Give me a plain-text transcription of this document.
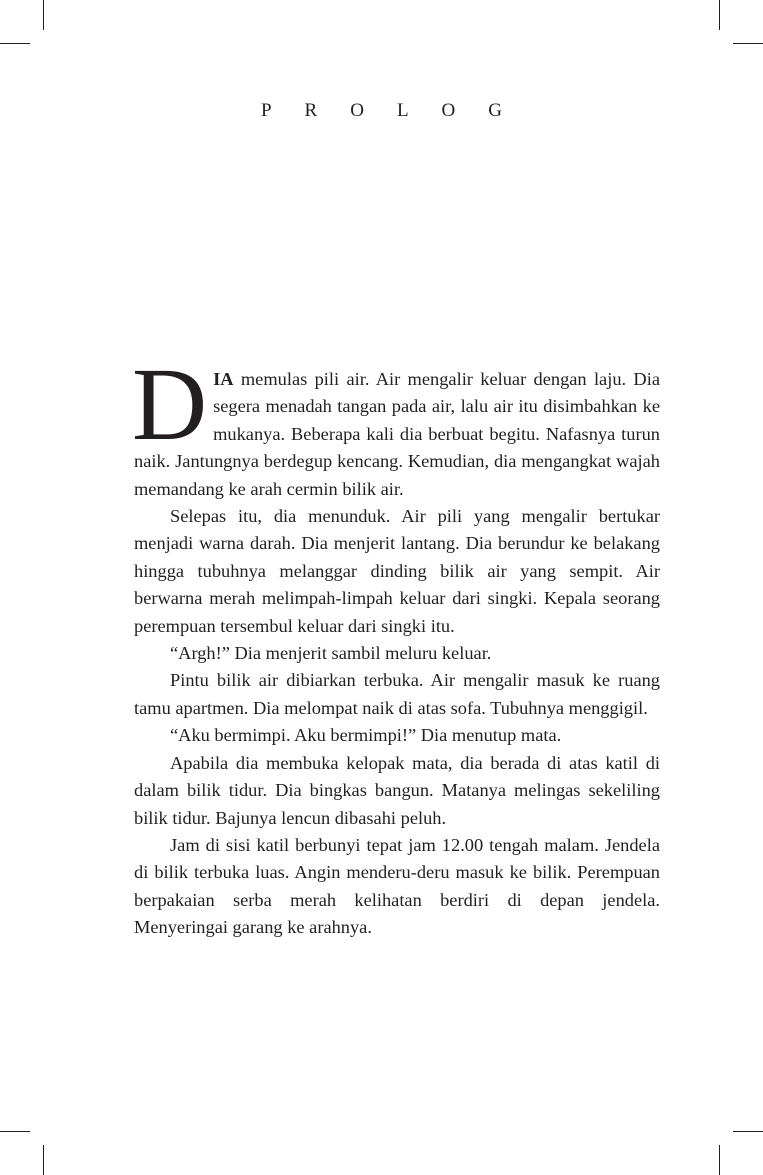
PROLOG

DIA memulas pili air. Air mengalir keluar dengan laju. Dia segera menadah tangan pada air, lalu air itu disimbahkan ke mukanya. Beberapa kali dia berbuat begitu. Nafasnya turun naik. Jantungnya berdegup kencang. Kemudian, dia mengangkat wajah memandang ke arah cermin bilik air.

Selepas itu, dia menunduk. Air pili yang mengalir bertukar menjadi warna darah. Dia menjerit lantang. Dia berundur ke belakang hingga tubuhnya melanggar dinding bilik air yang sempit. Air berwarna merah melimpah-limpah keluar dari singki. Kepala seorang perempuan tersembul keluar dari singki itu.

“Argh!” Dia menjerit sambil meluru keluar.

Pintu bilik air dibiarkan terbuka. Air mengalir masuk ke ruang tamu apartmen. Dia melompat naik di atas sofa. Tubuhnya menggigil.

“Aku bermimpi. Aku bermimpi!” Dia menutup mata.

Apabila dia membuka kelopak mata, dia berada di atas katil di dalam bilik tidur. Dia bingkas bangun. Matanya melingas sekeliling bilik tidur. Bajunya lencun dibasahi peluh.

Jam di sisi katil berbunyi tepat jam 12.00 tengah malam. Jendela di bilik terbuka luas. Angin menderu-deru masuk ke bilik. Perempuan berpakaian serba merah kelihatan berdiri di depan jendela. Menyeringai garang ke arahnya.
